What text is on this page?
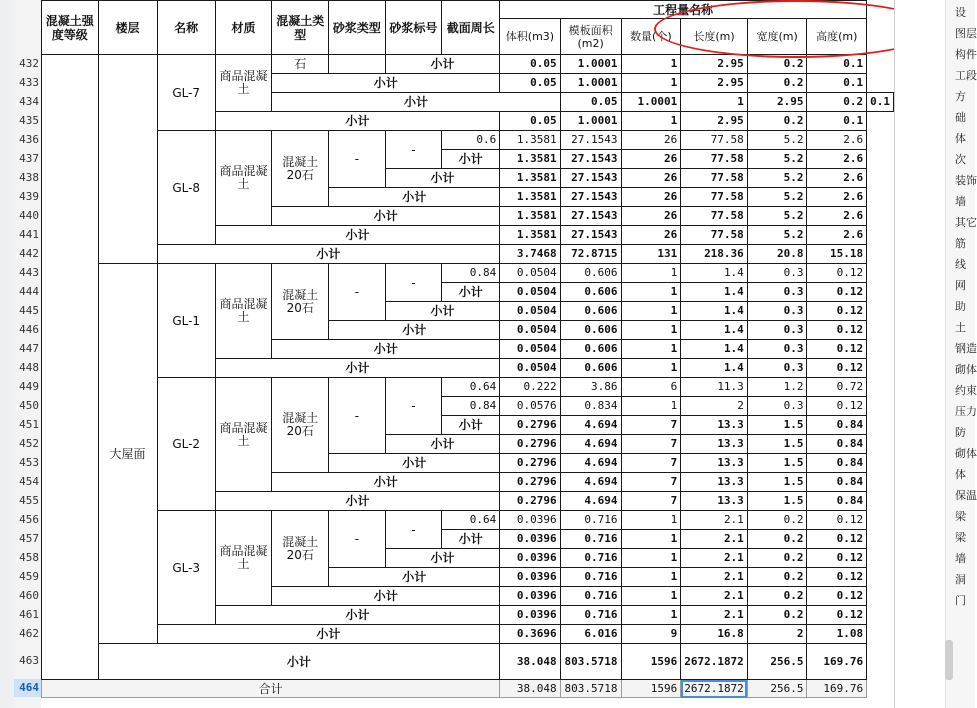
432
433
434
435
436
437
438
439
440
441
442
443
444
445
446
447
448
449
450
451
452
453
454
455
456
457
458
459
460
461
462
463
464
混凝土强度等级	楼层	名称	材质	混凝土类型	砂浆类型	砂浆标号	截面周长	工程量名称						
								体积(m3)	模板面积(m2)	数量(个)	长度(m)	宽度(m)	高度(m)	

		GL-7	商品混凝土	石		小计		0.05	1.0001	1	2.95	0.2	0.1	
				小计				0.05	1.0001	1	2.95	0.2	0.1	
				小计					0.05	1.0001	1	2.95	0.2	0.1
			小计					0.05	1.0001	1	2.95	0.2	0.1	
		GL-8	商品混凝土	混凝土20石	-	-	0.6	1.3581	27.1543	26	77.58	5.2	2.6	
							小计	1.3581	27.1543	26	77.58	5.2	2.6	
						小计		1.3581	27.1543	26	77.58	5.2	2.6	
					小计			1.3581	27.1543	26	77.58	5.2	2.6	
				小计				1.3581	27.1543	26	77.58	5.2	2.6	
			小计					1.3581	27.1543	26	77.58	5.2	2.6	
		小计						3.7468	72.8715	131	218.36	20.8	15.18	
	大屋面	GL-1	商品混凝土	混凝土20石	-	-	0.84	0.0504	0.606	1	1.4	0.3	0.12	
							小计	0.0504	0.606	1	1.4	0.3	0.12	
						小计		0.0504	0.606	1	1.4	0.3	0.12	
					小计			0.0504	0.606	1	1.4	0.3	0.12	
				小计				0.0504	0.606	1	1.4	0.3	0.12	
			小计					0.0504	0.606	1	1.4	0.3	0.12	
		GL-2	商品混凝土	混凝土20石	-	-	0.64	0.222	3.86	6	11.3	1.2	0.72	
							0.84	0.0576	0.834	1	2	0.3	0.12	
							小计	0.2796	4.694	7	13.3	1.5	0.84	
						小计		0.2796	4.694	7	13.3	1.5	0.84	
					小计			0.2796	4.694	7	13.3	1.5	0.84	
				小计				0.2796	4.694	7	13.3	1.5	0.84	
			小计					0.2796	4.694	7	13.3	1.5	0.84	
		GL-3	商品混凝土	混凝土20石	-	-	0.64	0.0396	0.716	1	2.1	0.2	0.12	
							小计	0.0396	0.716	1	2.1	0.2	0.12	
						小计		0.0396	0.716	1	2.1	0.2	0.12	
					小计			0.0396	0.716	1	2.1	0.2	0.12	
				小计				0.0396	0.716	1	2.1	0.2	0.12	
			小计					0.0396	0.716	1	2.1	0.2	0.12	
		小计						0.3696	6.016	9	16.8	2	1.08	
	小计							38.048	803.5718	1596	2672.1872	256.5	169.76	
合计								38.048	803.5718	1596	2672.1872	256.5	169.76	
设
图层
构件
工段
方
础
体
次
装饰
墙
其它
筋
线
网
助
土
钢造
砌体
约束
压力
防
砌体
体
保温
梁
梁
墙
洞
门
